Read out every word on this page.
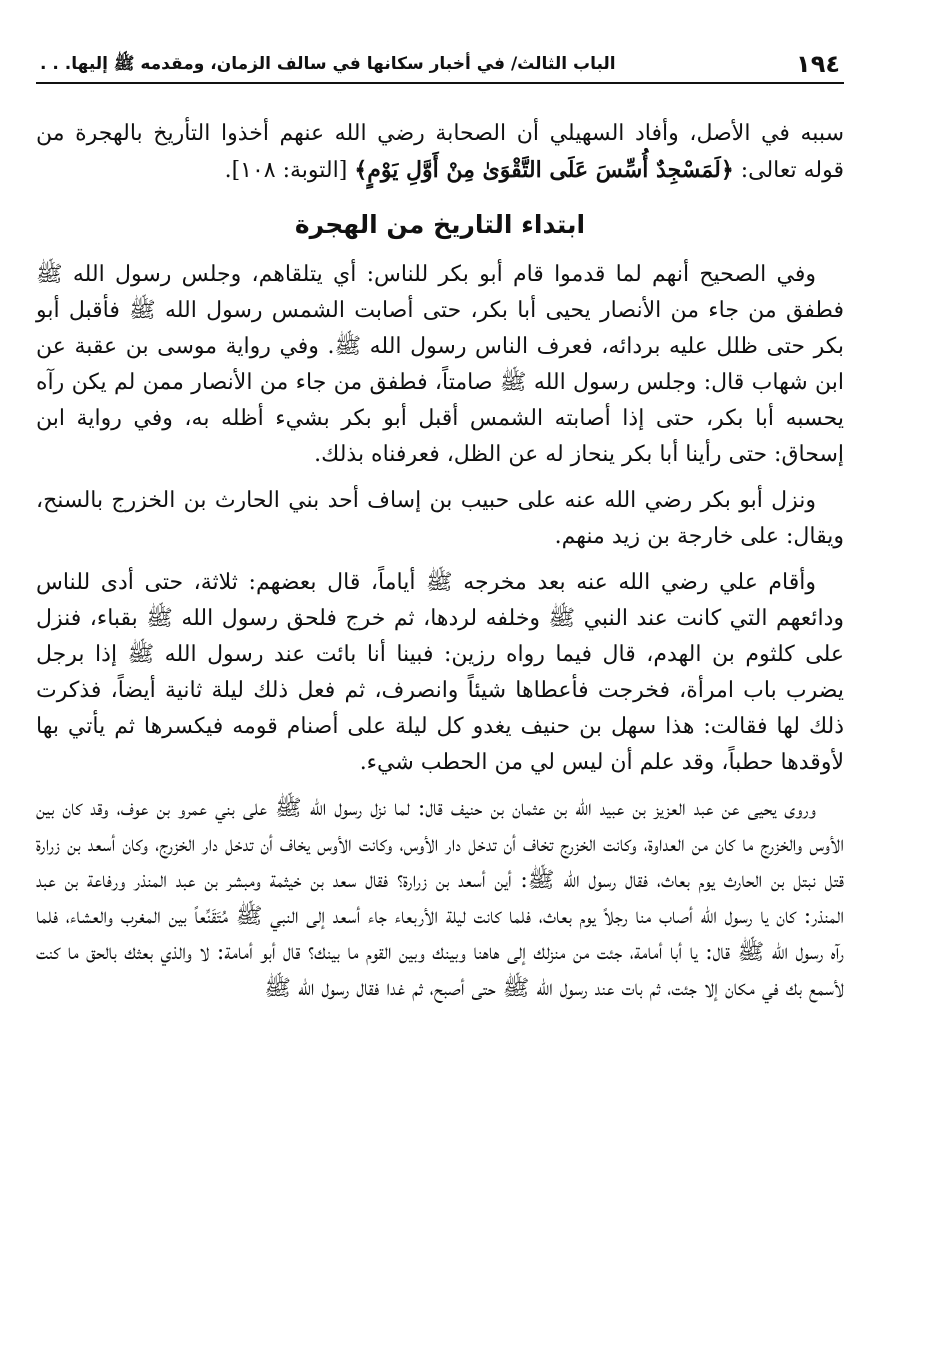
١٩٤
الباب الثالث/ في أخبار سكانها في سالف الزمان، ومقدمه ﷺ إليها. . .

سببه في الأصل، وأفاد السهيلي أن الصحابة رضي الله عنهم أخذوا التأريخ بالهجرة من قوله تعالى: ﴿لَمَسْجِدٌ أُسِّسَ عَلَى التَّقْوَىٰ مِنْ أَوَّلِ يَوْمٍ﴾ [التوبة: ١٠٨].

ابتداء التاريخ من الهجرة

وفي الصحيح أنهم لما قدموا قام أبو بكر للناس: أي يتلقاهم، وجلس رسول الله ﷺ فطفق من جاء من الأنصار يحيى أبا بكر، حتى أصابت الشمس رسول الله ﷺ فأقبل أبو بكر حتى ظلل عليه بردائه، فعرف الناس رسول الله ﷺ. وفي رواية موسى بن عقبة عن ابن شهاب قال: وجلس رسول الله ﷺ صامتاً، فطفق من جاء من الأنصار ممن لم يكن رآه يحسبه أبا بكر، حتى إذا أصابته الشمس أقبل أبو بكر بشيء أظله به، وفي رواية ابن إسحاق: حتى رأينا أبا بكر ينحاز له عن الظل، فعرفناه بذلك.

ونزل أبو بكر رضي الله عنه على حبيب بن إساف أحد بني الحارث بن الخزرج بالسنح، ويقال: على خارجة بن زيد منهم.

وأقام علي رضي الله عنه بعد مخرجه ﷺ أياماً، قال بعضهم: ثلاثة، حتى أدى للناس ودائعهم التي كانت عند النبي ﷺ وخلفه لردها، ثم خرج فلحق رسول الله ﷺ بقباء، فنزل على كلثوم بن الهدم، قال فيما رواه رزين: فبينا أنا بائت عند رسول الله ﷺ إذا برجل يضرب باب امرأة، فخرجت فأعطاها شيئاً وانصرف، ثم فعل ذلك ليلة ثانية أيضاً، فذكرت ذلك لها فقالت: هذا سهل بن حنيف يغدو كل ليلة على أصنام قومه فيكسرها ثم يأتي بها لأوقدها حطباً، وقد علم أن ليس لي من الحطب شيء.

وروى يحيى عن عبد العزيز بن عبيد الله بن عثمان بن حنيف قال: لما نزل رسول الله ﷺ على بني عمرو بن عوف، وقد كان بين الأوس والخزرج ما كان من العداوة، وكانت الخزرج تخاف أن تدخل دار الأوس، وكانت الأوس يخاف أن تدخل دار الخزرج، وكان أسعد بن زرارة قتل نبتل بن الحارث يوم بعاث، فقال رسول الله ﷺ: أين أسعد بن زرارة؟ فقال سعد بن خيثمة ومبشر بن عبد المنذر ورفاعة بن عبد المنذر: كان يا رسول الله أصاب منا رجلاً يوم بعاث، فلما كانت ليلة الأربعاء جاء أسعد إلى النبي ﷺ مُتَقَنِّعاً بين المغرب والعشاء، فلما رآه رسول الله ﷺ قال: يا أبا أمامة، جئت من منزلك إلى هاهنا وبينك وبين القوم ما بينك؟ قال أبو أمامة: لا والذي بعثك بالحق ما كنت لأسمع بك في مكان إلا جئت، ثم بات عند رسول الله ﷺ حتى أصبح، ثم غدا فقال رسول الله ﷺ
